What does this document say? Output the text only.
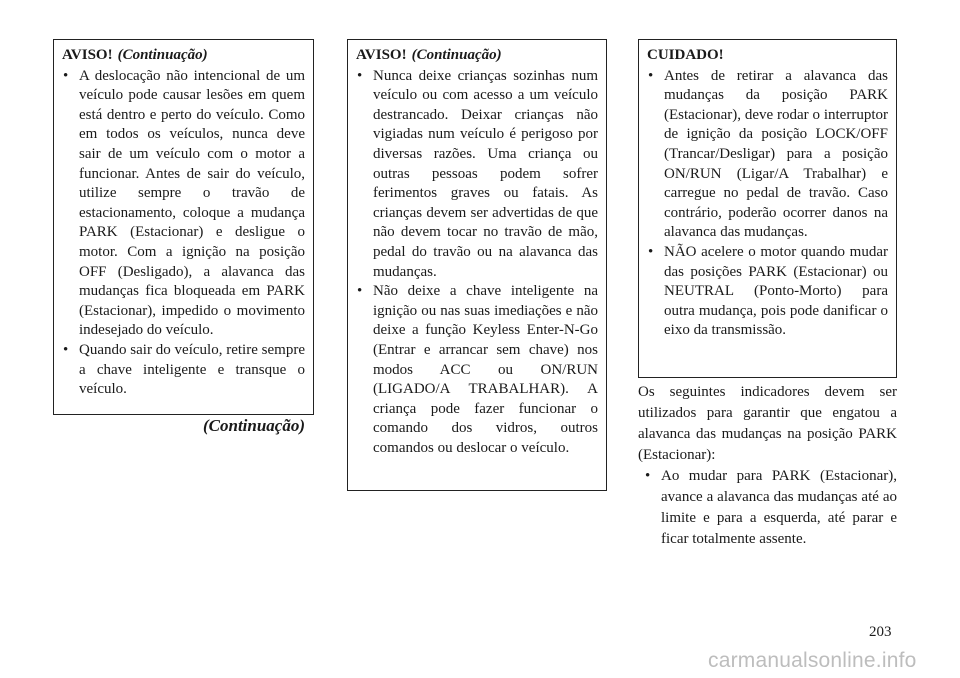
AVISO! (Continuação)
• A deslocação não intencional de um veículo pode causar lesões em quem está dentro e perto do veículo. Como em todos os veículos, nunca deve sair de um veículo com o motor a funcionar. Antes de sair do veículo, utilize sempre o travão de estacionamento, coloque a mudança PARK (Estacionar) e desligue o motor. Com a ignição na posição OFF (Desligado), a alavanca das mudanças fica bloqueada em PARK (Estacionar), impedido o movimento indesejado do veículo.
• Quando sair do veículo, retire sempre a chave inteligente e transque o veículo.
(Continuação)
AVISO! (Continuação)
• Nunca deixe crianças sozinhas num veículo ou com acesso a um veículo destrancado. Deixar crianças não vigiadas num veículo é perigoso por diversas razões. Uma criança ou outras pessoas podem sofrer ferimentos graves ou fatais. As crianças devem ser advertidas de que não devem tocar no travão de mão, pedal do travão ou na alavanca das mudanças.
• Não deixe a chave inteligente na ignição ou nas suas imediações e não deixe a função Keyless Enter-N-Go (Entrar e arrancar sem chave) nos modos ACC ou ON/RUN (LIGADO/A TRABALHAR). A criança pode fazer funcionar o comando dos vidros, outros comandos ou deslocar o veículo.
CUIDADO!
• Antes de retirar a alavanca das mudanças da posição PARK (Estacionar), deve rodar o interruptor de ignição da posição LOCK/OFF (Trancar/Desligar) para a posição ON/RUN (Ligar/A Trabalhar) e carregue no pedal de travão. Caso contrário, poderão ocorrer danos na alavanca das mudanças.
• NÃO acelere o motor quando mudar das posições PARK (Estacionar) ou NEUTRAL (Ponto-Morto) para outra mudança, pois pode danificar o eixo da transmissão.
Os seguintes indicadores devem ser utilizados para garantir que engatou a alavanca das mudanças na posição PARK (Estacionar):
• Ao mudar para PARK (Estacionar), avance a alavanca das mudanças até ao limite e para a esquerda, até parar e ficar totalmente assente.
203
carmanualsonline.info
